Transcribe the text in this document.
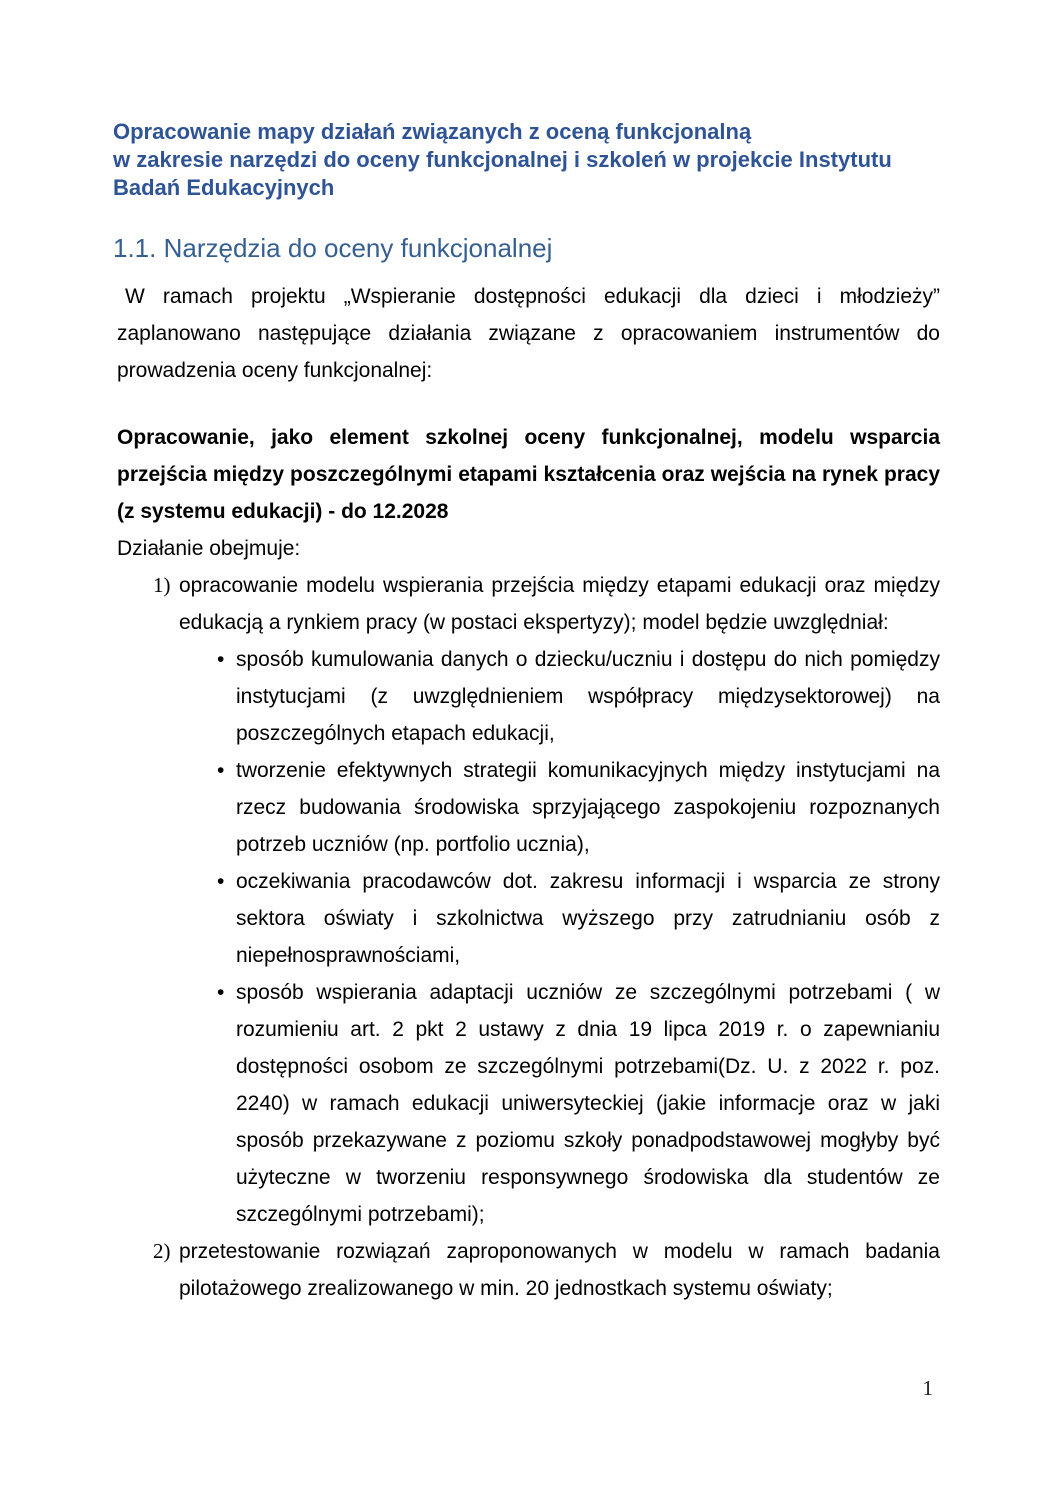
Opracowanie mapy działań związanych z oceną funkcjonalną
w zakresie narzędzi do oceny funkcjonalnej i szkoleń w projekcie Instytutu
Badań Edukacyjnych
1.1. Narzędzia do oceny funkcjonalnej
W ramach projektu „Wspieranie dostępności edukacji dla dzieci i młodzieży” zaplanowano następujące działania związane z opracowaniem instrumentów do prowadzenia oceny funkcjonalnej:
Opracowanie, jako element szkolnej oceny funkcjonalnej, modelu wsparcia przejścia między poszczególnymi etapami kształcenia oraz wejścia na rynek pracy (z systemu edukacji) - do 12.2028
Działanie obejmuje:
1) opracowanie modelu wspierania przejścia między etapami edukacji oraz między edukacją a rynkiem pracy (w postaci ekspertyzy); model będzie uwzględniał:
• sposób kumulowania danych o dziecku/uczniu i dostępu do nich pomiędzy instytucjami (z uwzględnieniem współpracy międzysektorowej) na poszczególnych etapach edukacji,
• tworzenie efektywnych strategii komunikacyjnych między instytucjami na rzecz budowania środowiska sprzyjającego zaspokojeniu rozpoznanych potrzeb uczniów (np. portfolio ucznia),
• oczekiwania pracodawców dot. zakresu informacji i wsparcia ze strony sektora oświaty i szkolnictwa wyższego przy zatrudnianiu osób z niepełnosprawnościami,
• sposób wspierania adaptacji uczniów ze szczególnymi potrzebami ( w rozumieniu art. 2 pkt 2 ustawy z dnia 19 lipca 2019 r. o zapewnianiu dostępności osobom ze szczególnymi potrzebami(Dz. U. z 2022 r. poz. 2240) w ramach edukacji uniwersyteckiej (jakie informacje oraz w jaki sposób przekazywane z poziomu szkoły ponadpodstawowej mogłyby być użyteczne w tworzeniu responsywnego środowiska dla studentów ze szczególnymi potrzebami);
2) przetestowanie rozwiązań zaproponowanych w modelu w ramach badania pilotażowego zrealizowanego w min. 20 jednostkach systemu oświaty;
1
